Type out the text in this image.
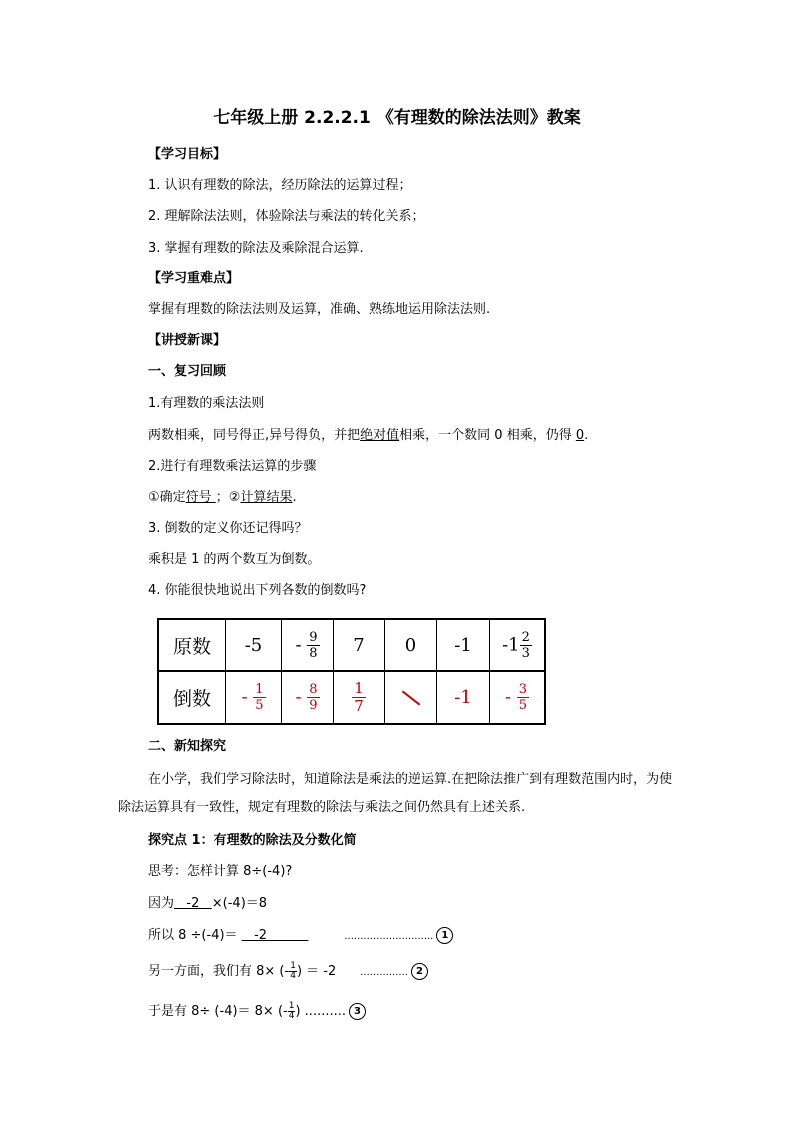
七年级上册 2.2.2.1 《有理数的除法法则》教案
【学习目标】
1. 认识有理数的除法，经历除法的运算过程；
2. 理解除法法则，体验除法与乘法的转化关系；
3. 掌握有理数的除法及乘除混合运算.
【学习重难点】
掌握有理数的除法法则及运算，准确、熟练地运用除法法则.
【讲授新课】
一、复习回顾
1.有理数的乘法法则
两数相乘，同号得正,异号得负，并把绝对值相乘，一个数同 0 相乘，仍得 0.
2.进行有理数乘法运算的步骤
①确定符号 ；②计算结果.
3. 倒数的定义你还记得吗？
乘积是 1 的两个数互为倒数。
4. 你能很快地说出下列各数的倒数吗?
原数	-5	- $\frac{9}{8}$	7	0	-1	$-1 \frac{2}{3}$

倒数	- $\frac{1}{5}$	- $\frac{8}{9}$	$\frac{1}{7}$		-1	- $\frac{3}{5}$
二、新知探究
在小学，我们学习除法时，知道除法是乘法的逆运算.在把除法推广到有理数范围内时，为使除法运算具有一致性，规定有理数的除法与乘法之间仍然具有上述关系.
探究点 1：有理数的除法及分数化简
思考：怎样计算 8÷(-4)?
因为   -2   ×(-4)＝8
所以 8 ÷(-4)＝    -2	............................ 1
另一方面，我们有 8× (- $\frac{1}{4}$ ) ＝ -2 ............... 2
于是有 8÷ (-4)＝ 8× (- $\frac{1}{4}$ ) .......... 3
